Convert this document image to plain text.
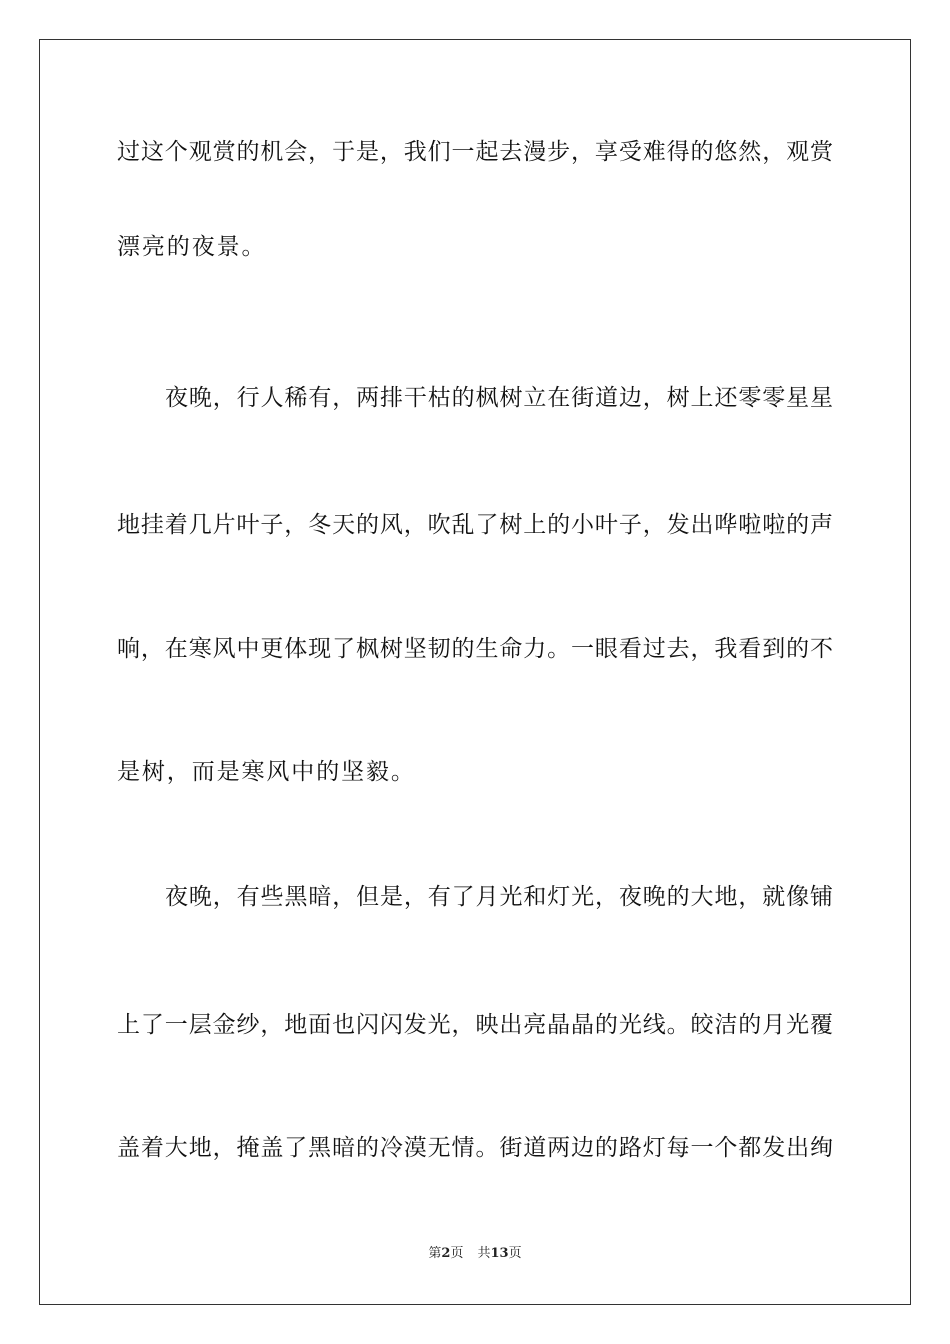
过这个观赏的机会，于是，我们一起去漫步，享受难得的悠然，观赏
漂亮的夜景。
夜晚，行人稀有，两排干枯的枫树立在街道边，树上还零零星星
地挂着几片叶子，冬天的风，吹乱了树上的小叶子，发出哗啦啦的声
响，在寒风中更体现了枫树坚韧的生命力。一眼看过去，我看到的不
是树，而是寒风中的坚毅。
夜晚，有些黑暗，但是，有了月光和灯光，夜晚的大地，就像铺
上了一层金纱，地面也闪闪发光，映出亮晶晶的光线。皎洁的月光覆
盖着大地，掩盖了黑暗的冷漠无情。街道两边的路灯每一个都发出绚
第2页 共13页
